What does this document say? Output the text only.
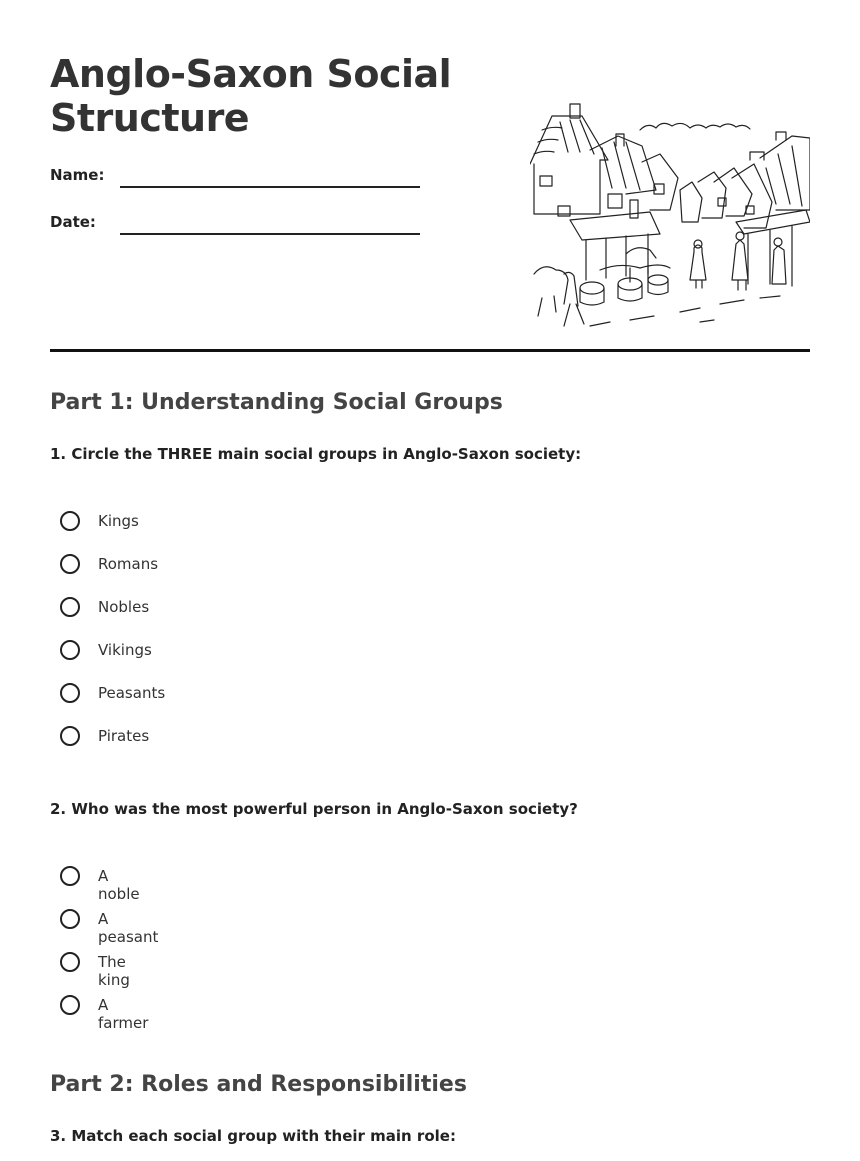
Anglo-Saxon Social Structure
Name:
Date:
Part 1: Understanding Social Groups

1. Circle the THREE main social groups in Anglo-Saxon society:

Kings
Romans
Nobles
Vikings
Peasants
Pirates

2. Who was the most powerful person in Anglo-Saxon society?

A noble
A peasant
The king
A farmer
Part 2: Roles and Responsibilities

3. Match each social group with their main role:
